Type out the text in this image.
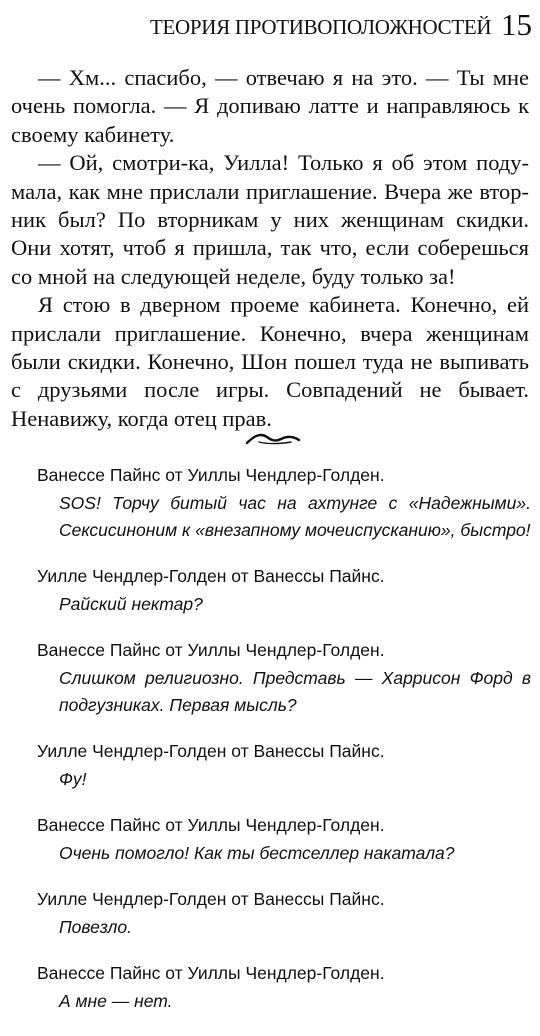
ТЕОРИЯ ПРОТИВОПОЛОЖНОСТЕЙ 15

— Хм... спасибо, — отвечаю я на это. — Ты мне очень помогла. — Я допиваю латте и направляюсь к своему кабинету.

— Ой, смотри-ка, Уилла! Только я об этом подумала, как мне прислали приглашение. Вчера же вторник был? По вторникам у них женщинам скидки. Они хотят, чтоб я пришла, так что, если соберешься со мной на следующей неделе, буду только за!

Я стою в дверном проеме кабинета. Конечно, ей прислали приглашение. Конечно, вчера женщинам были скидки. Конечно, Шон пошел туда не выпивать с друзьями после игры. Совпадений не бывает. Ненавижу, когда отец прав.

Ванессе Пайнс от Уиллы Чендлер-Голден.
SOS! Торчу битый час на ахтунге с «Надежными». Сексисиноним к «внезапному мочеиспусканию», быстро!
Уилле Чендлер-Голден от Ванессы Пайнс.
Райский нектар?
Ванессе Пайнс от Уиллы Чендлер-Голден.
Слишком религиозно. Представь — Харрисон Форд в подгузниках. Первая мысль?
Уилле Чендлер-Голден от Ванессы Пайнс.
Фу!
Ванессе Пайнс от Уиллы Чендлер-Голден.
Очень помогло! Как ты бестселлер накатала?
Уилле Чендлер-Голден от Ванессы Пайнс.
Повезло.
Ванессе Пайнс от Уиллы Чендлер-Голден.
А мне — нет.
